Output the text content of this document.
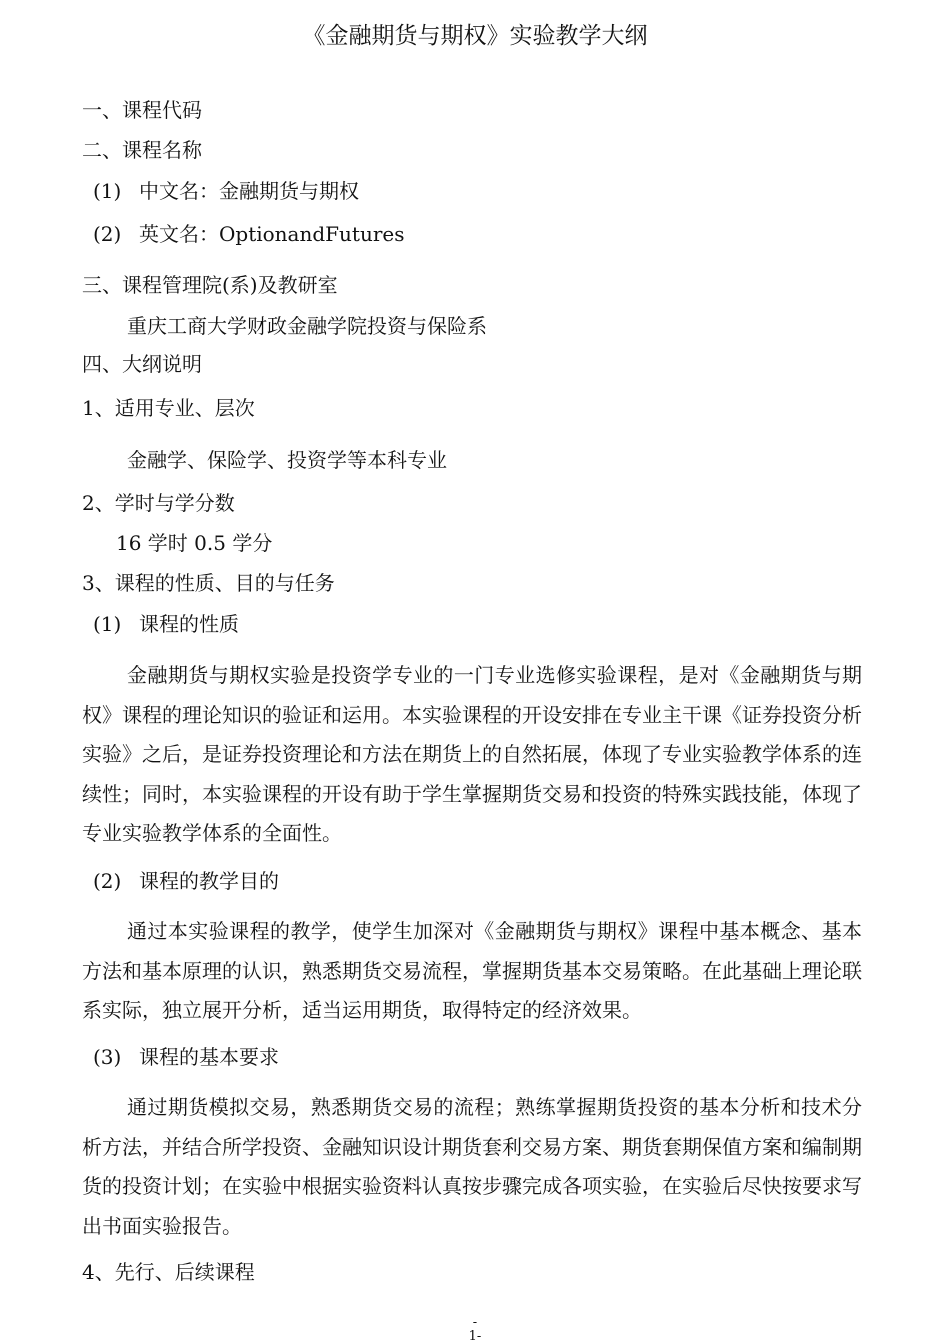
《金融期货与期权》实验教学大纲
一、课程代码
二、课程名称
(1) 中文名：金融期货与期权
(2) 英文名：OptionandFutures
三、课程管理院(系)及教研室
重庆工商大学财政金融学院投资与保险系
四、大纲说明
1、适用专业、层次
金融学、保险学、投资学等本科专业
2、学时与学分数
16 学时 0.5 学分
3、课程的性质、目的与任务
(1) 课程的性质
金融期货与期权实验是投资学专业的一门专业选修实验课程，是对《金融期货与期权》课程的理论知识的验证和运用。本实验课程的开设安排在专业主干课《证券投资分析实验》之后，是证券投资理论和方法在期货上的自然拓展，体现了专业实验教学体系的连续性；同时，本实验课程的开设有助于学生掌握期货交易和投资的特殊实践技能，体现了专业实验教学体系的全面性。
(2) 课程的教学目的
通过本实验课程的教学，使学生加深对《金融期货与期权》课程中基本概念、基本方法和基本原理的认识，熟悉期货交易流程，掌握期货基本交易策略。在此基础上理论联系实际，独立展开分析，适当运用期货，取得特定的经济效果。
(3) 课程的基本要求
通过期货模拟交易，熟悉期货交易的流程；熟练掌握期货投资的基本分析和技术分析方法，并结合所学投资、金融知识设计期货套利交易方案、期货套期保值方案和编制期货的投资计划；在实验中根据实验资料认真按步骤完成各项实验，在实验后尽快按要求写出书面实验报告。
4、先行、后续课程
-
1-
